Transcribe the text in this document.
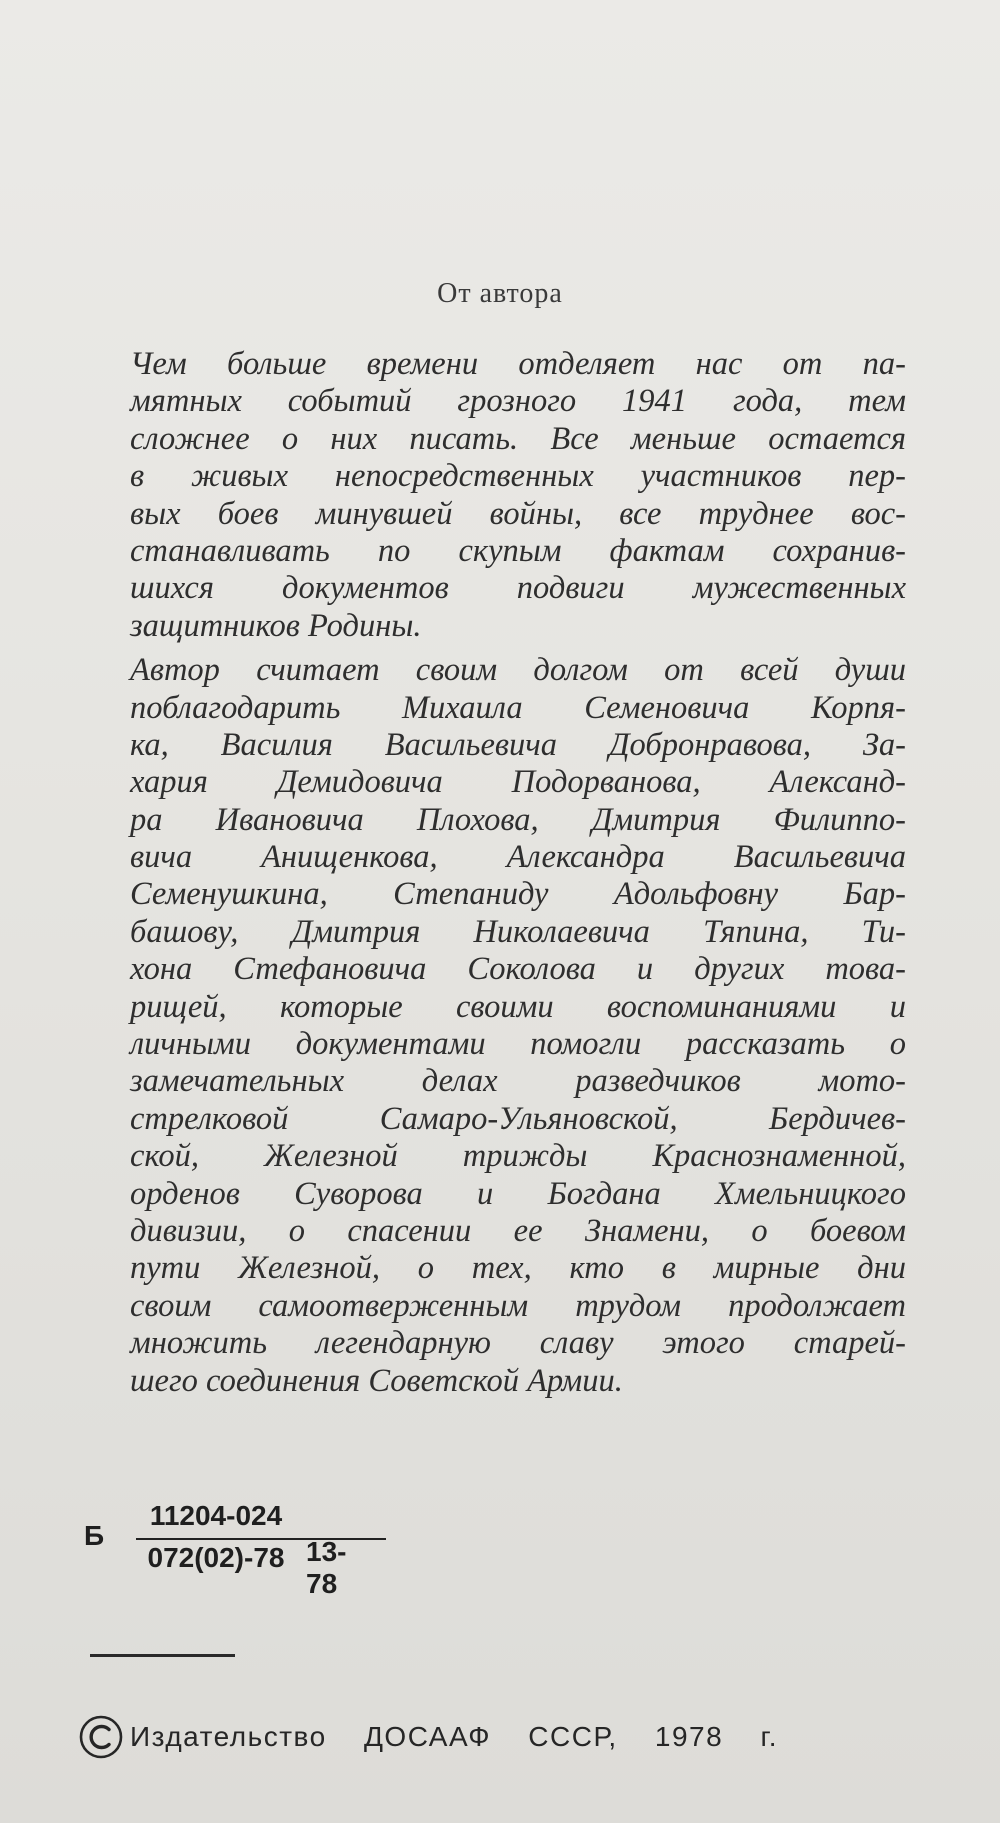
От автора
Чем больше времени отделяет нас от па-
мятных событий грозного 1941 года, тем
сложнее о них писать. Все меньше остается
в живых непосредственных участников пер-
вых боев минувшей войны, все труднее вос-
станавливать по скупым фактам сохранив-
шихся документов подвиги мужественных
защитников Родины.
Автор считает своим долгом от всей души
поблагодарить Михаила Семеновича Корпя-
ка, Василия Васильевича Добронравова, За-
хария Демидовича Подорванова, Александ-
ра Ивановича Плохова, Дмитрия Филиппо-
вича Анищенкова, Александра Васильевича
Семенушкина, Степаниду Адольфовну Бар-
башову, Дмитрия Николаевича Тяпина, Ти-
хона Стефановича Соколова и других това-
рищей, которые своими воспоминаниями и
личными документами помогли рассказать о
замечательных делах разведчиков мото-
стрелковой Самаро-Ульяновской, Бердичев-
ской, Железной трижды Краснознаменной,
орденов Суворова и Богдана Хмельницкого
дивизии, о спасении ее Знамени, о боевом
пути Железной, о тех, кто в мирные дни
своим самоотверженным трудом продолжает
множить легендарную славу этого старей-
шего соединения Советской Армии.
Б
11204-024
072(02)-78 13-78
Издательство ДОСААФ СССР, 1978 г.
